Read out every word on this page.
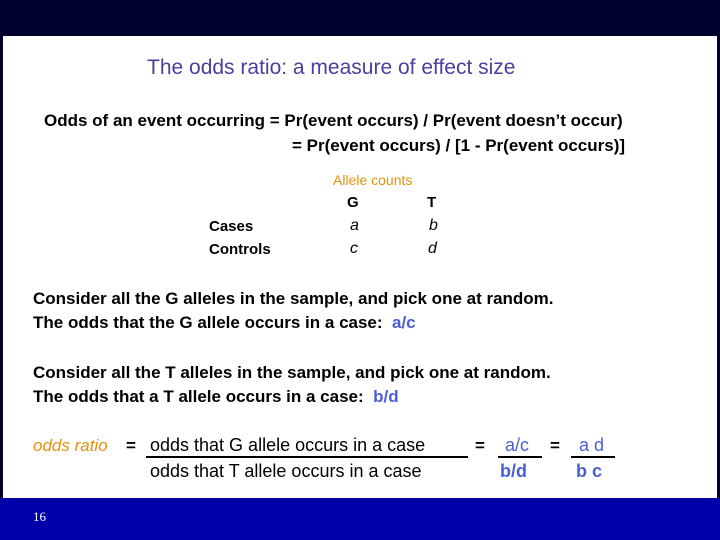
The odds ratio: a measure of effect size
Odds of an event occurring = Pr(event occurs) / Pr(event doesn’t occur)
= Pr(event occurs) / [1 - Pr(event occurs)]
Allele counts
G	T
Cases	a	b
Controls	c	d
Consider all the G alleles in the sample, and pick one at random.
The odds that the G allele occurs in a case: a/c
Consider all the T alleles in the sample, and pick one at random.
The odds that a T allele occurs in a case: b/d
odds ratio = odds that G allele occurs in a case
odds that T allele occurs in a case
= a/c
b/d
= a d
b c
16
